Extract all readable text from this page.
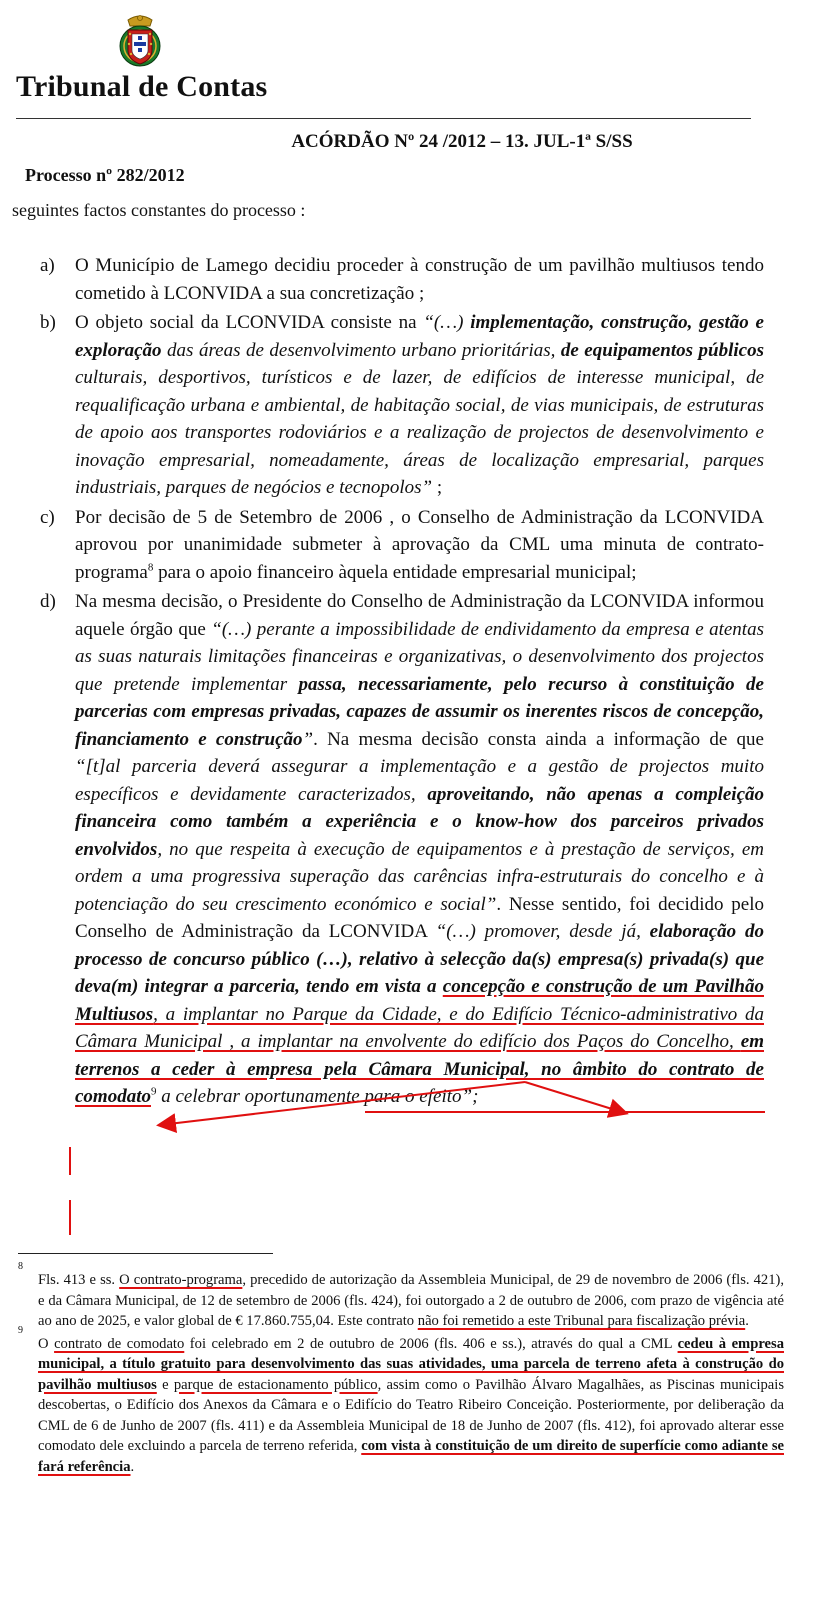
Tribunal de Contas
ACÓRDÃO Nº 24 /2012 – 13. JUL-1ª S/SS
Processo nº 282/2012
seguintes factos constantes do processo :
a) O Município de Lamego decidiu proceder à construção de um pavilhão multiusos tendo cometido à LCONVIDA a sua concretização ;

b) O objeto social da LCONVIDA consiste na “(…) implementação, construção, gestão e exploração das áreas de desenvolvimento urbano prioritárias, de equipamentos públicos culturais, desportivos, turísticos e de lazer, de edifícios de interesse municipal, de requalificação urbana e ambiental, de habitação social, de vias municipais, de estruturas de apoio aos transportes rodoviários e a realização de projectos de desenvolvimento e inovação empresarial, nomeadamente, áreas de localização empresarial, parques industriais, parques de negócios e tecnopolos” ;

c) Por decisão de 5 de Setembro de 2006 , o Conselho de Administração da LCONVIDA aprovou por unanimidade submeter à aprovação da CML uma minuta de contrato-programa$^8$ para o apoio financeiro àquela entidade empresarial municipal;

d) Na mesma decisão, o Presidente do Conselho de Administração da LCONVIDA informou aquele órgão que “(…) perante a impossibilidade de endividamento da empresa e atentas as suas naturais limitações financeiras e organizativas, o desenvolvimento dos projectos que pretende implementar passa, necessariamente, pelo recurso à constituição de parcerias com empresas privadas, capazes de assumir os inerentes riscos de concepção, financiamento e construção”. Na mesma decisão consta ainda a informação de que “[t]al parceria deverá assegurar a implementação e a gestão de projectos muito específicos e devidamente caracterizados, aproveitando, não apenas a compleição financeira como também a experiência e o know-how dos parceiros privados envolvidos, no que respeita à execução de equipamentos e à prestação de serviços, em ordem a uma progressiva superação das carências infra-estruturais do concelho e à potenciação do seu crescimento económico e social”. Nesse sentido, foi decidido pelo Conselho de Administração da LCONVIDA “(…) promover, desde já, elaboração do processo de concurso público (…), relativo à selecção da(s) empresa(s) privada(s) que deva(m) integrar a parceria, tendo em vista a concepção e construção de um Pavilhão Multiusos, a implantar no Parque da Cidade, e do Edifício Técnico-administrativo da Câmara Municipal , a implantar na envolvente do edifício dos Paços do Concelho, em terrenos a ceder à empresa pela Câmara Municipal, no âmbito do contrato de comodato$^9$ a celebrar oportunamente para o efeito”;

8
Fls. 413 e ss. O contrato-programa, precedido de autorização da Assembleia Municipal, de 29 de novembro de 2006 (fls. 421), e da Câmara Municipal, de 12 de setembro de 2006 (fls. 424), foi outorgado a 2 de outubro de 2006, com prazo de vigência até ao ano de 2025, e valor global de € 17.860.755,04. Este contrato não foi remetido a este Tribunal para fiscalização prévia.
9
O contrato de comodato foi celebrado em 2 de outubro de 2006 (fls. 406 e ss.), através do qual a CML cedeu à empresa municipal, a título gratuito para desenvolvimento das suas atividades, uma parcela de terreno afeta à construção do pavilhão multiusos e parque de estacionamento público, assim como o Pavilhão Álvaro Magalhães, as Piscinas municipais descobertas, o Edifício dos Anexos da Câmara e o Edifício do Teatro Ribeiro Conceição. Posteriormente, por deliberação da CML de 6 de Junho de 2007 (fls. 411) e da Assembleia Municipal de 18 de Junho de 2007 (fls. 412), foi aprovado alterar esse comodato dele excluindo a parcela de terreno referida, com vista à constituição de um direito de superfície como adiante se fará referência.
